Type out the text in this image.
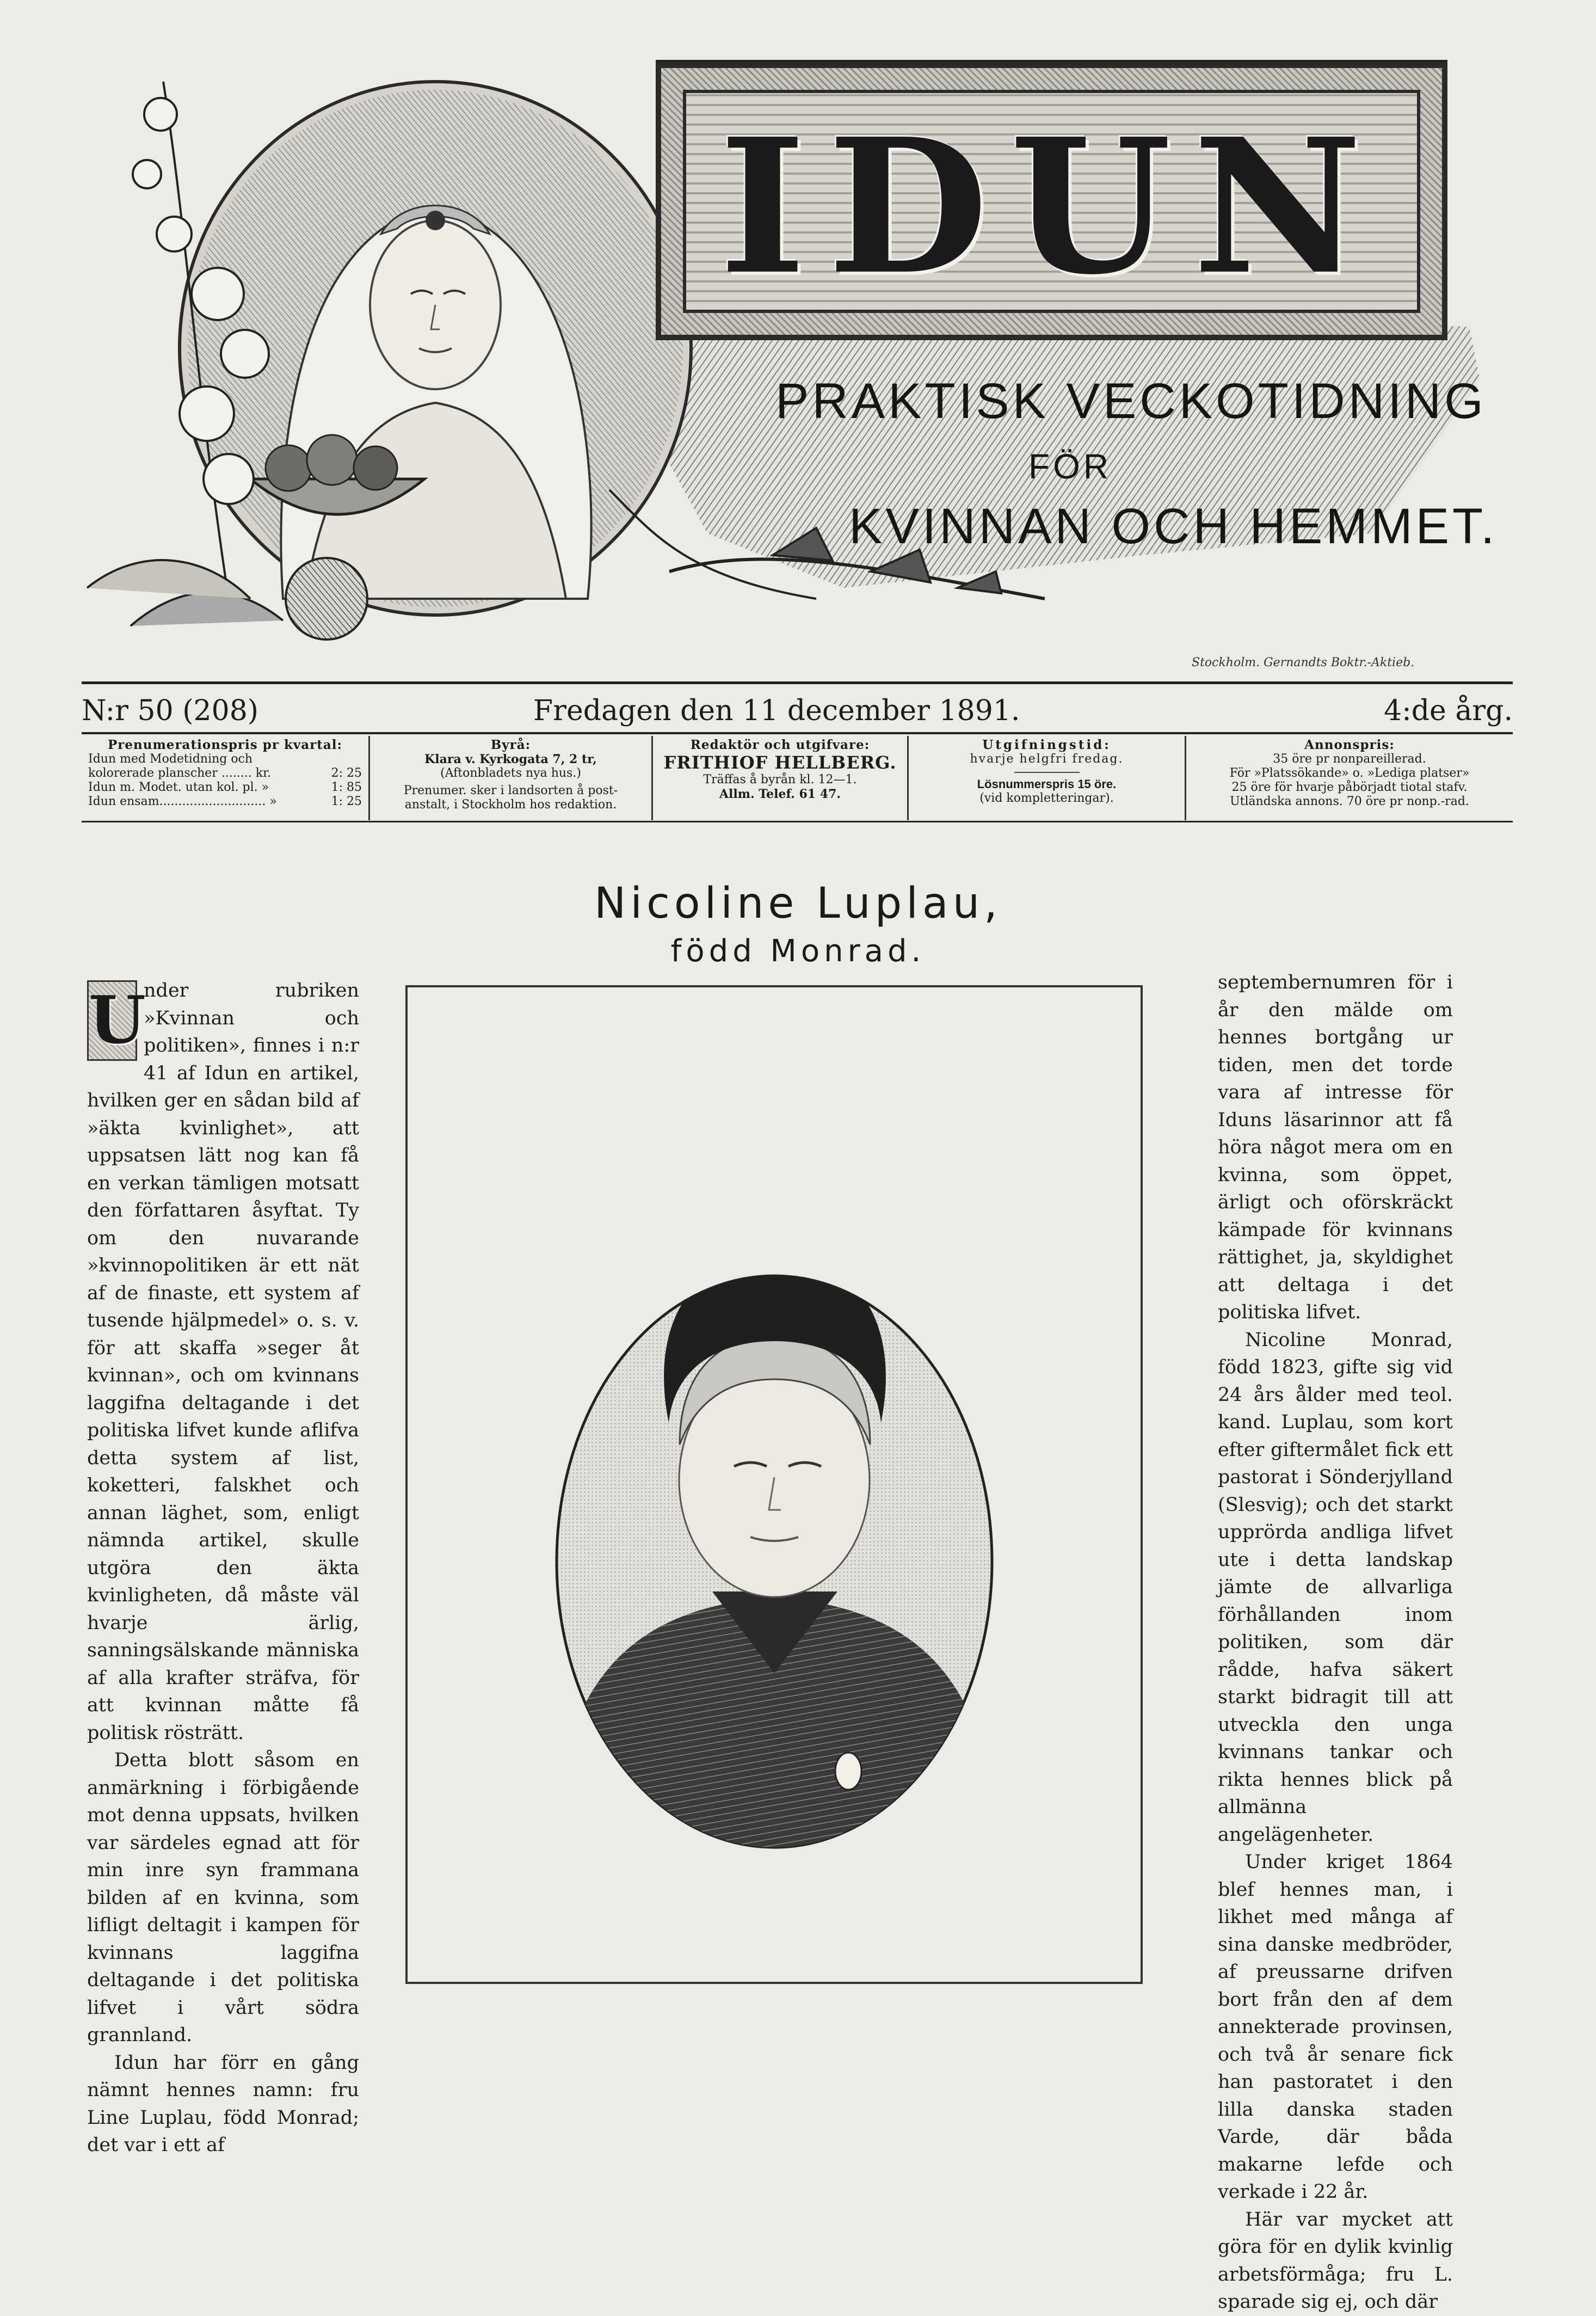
IDUN
PRAKTISK VECKOTIDNING
FÖR
KVINNAN OCH HEMMET.
Stockholm. Gernandts Boktr.-Aktieb.
N:r 50 (208)	Fredagen den 11 december 1891.	4:de årg.
Prenumerationspris pr kvartal:
Idun med Modetidning och
kolorerade planscher ........ kr.	2: 25
Idun m. Modet. utan kol. pl. »	1: 85
Idun ensam............................ »	1: 25
Byrå:
Klara v. Kyrkogata 7, 2 tr,
(Aftonbladets nya hus.)
Prenumer. sker i landsorten å post-
anstalt, i Stockholm hos redaktion.
Redaktör och utgifvare:
FRITHIOF HELLBERG.
Träffas å byrån kl. 12—1.
Allm. Telef. 61 47.
Utgifningstid:
hvarje helgfri fredag.
Lösnummerspris 15 öre.
(vid kompletteringar).
Annonspris:
35 öre pr nonpareillerad.
För »Platssökande» o. »Lediga platser»
25 öre för hvarje påbörjadt tiotal stafv.
Utländska annons. 70 öre pr nonp.-rad.
Nicoline Luplau,
född Monrad.
U

nder rubriken »Kvinnan och politiken», finnes i n:r 41 af Idun en artikel, hvilken ger en sådan bild af »äkta kvinlighet», att uppsatsen lätt nog kan få en verkan tämligen motsatt den författaren åsyftat. Ty om den nuvarande »kvinnopolitiken är ett nät af de finaste, ett system af tusende hjälpmedel» o. s. v. för att skaffa »seger åt kvinnan», och om kvinnans laggifna deltagande i det politiska lifvet kunde aflifva detta system af list, koketteri, falskhet och annan läghet, som, enligt nämnda artikel, skulle utgöra den äkta kvinligheten, då måste väl hvarje ärlig, sanningsälskande människa af alla krafter sträfva, för att kvinnan måtte få politisk rösträtt.

Detta blott såsom en anmärkning i förbigående mot denna uppsats, hvilken var särdeles egnad att för min inre syn frammana bilden af en kvinna, som lifligt deltagit i kampen för kvinnans laggifna deltagande i det politiska lifvet i vårt södra grannland.

Idun har förr en gång nämnt hennes namn: fru Line Luplau, född Monrad; det var i ett af

septembernumren för i år den mälde om hennes bortgång ur tiden, men det torde vara af intresse för Iduns läsarinnor att få höra något mera om en kvinna, som öppet, ärligt och oförskräckt kämpade för kvinnans rättighet, ja, skyldighet att deltaga i det politiska lifvet.

Nicoline Monrad, född 1823, gifte sig vid 24 års ålder med teol. kand. Luplau, som kort efter giftermålet fick ett pastorat i Sönderjylland (Slesvig); och det starkt upprörda andliga lifvet ute i detta landskap jämte de allvarliga förhållanden inom politiken, som där rådde, hafva säkert starkt bidragit till att utveckla den unga kvinnans tankar och rikta hennes blick på allmänna angelägenheter.

Under kriget 1864 blef hennes man, i likhet med många af sina danske medbröder, af preussarne drifven bort från den af dem annekterade provinsen, och två år senare fick han pastoratet i den lilla danska staden Varde, där båda makarne lefde och verkade i 22 år.

Här var mycket att göra för en dylik kvinlig arbetsförmåga; fru L. sparade sig ej, och där
